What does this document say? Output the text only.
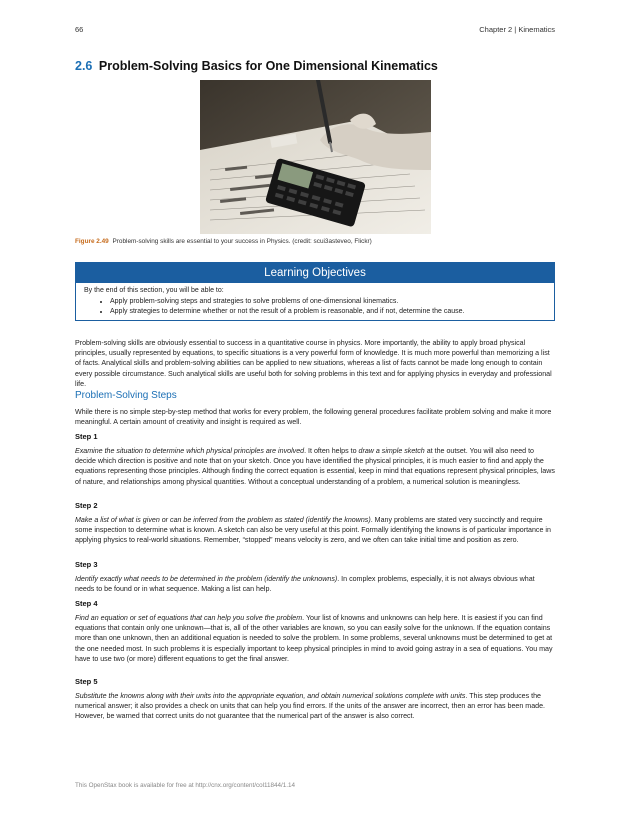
66	Chapter 2 | Kinematics
2.6 Problem-Solving Basics for One Dimensional Kinematics
Figure 2.49 Problem-solving skills are essential to your success in Physics. (credit: scui3asteveo, Flickr)
Learning Objectives
By the end of this section, you will be able to:
• Apply problem-solving steps and strategies to solve problems of one-dimensional kinematics.
• Apply strategies to determine whether or not the result of a problem is reasonable, and if not, determine the cause.

Problem-solving skills are obviously essential to success in a quantitative course in physics. More importantly, the ability to apply broad physical principles, usually represented by equations, to specific situations is a very powerful form of knowledge. It is much more powerful than memorizing a list of facts. Analytical skills and problem-solving abilities can be applied to new situations, whereas a list of facts cannot be made long enough to contain every possible circumstance. Such analytical skills are useful both for solving problems in this text and for applying physics in everyday and professional life.

Problem-Solving Steps

While there is no simple step-by-step method that works for every problem, the following general procedures facilitate problem solving and make it more meaningful. A certain amount of creativity and insight is required as well.

Step 1

Examine the situation to determine which physical principles are involved. It often helps to draw a simple sketch at the outset. You will also need to decide which direction is positive and note that on your sketch. Once you have identified the physical principles, it is much easier to find and apply the equations representing those principles. Although finding the correct equation is essential, keep in mind that equations represent physical principles, laws of nature, and relationships among physical quantities. Without a conceptual understanding of a problem, a numerical solution is meaningless.

Step 2

Make a list of what is given or can be inferred from the problem as stated (identify the knowns). Many problems are stated very succinctly and require some inspection to determine what is known. A sketch can also be very useful at this point. Formally identifying the knowns is of particular importance in applying physics to real-world situations. Remember, “stopped” means velocity is zero, and we often can take initial time and position as zero.

Step 3

Identify exactly what needs to be determined in the problem (identify the unknowns). In complex problems, especially, it is not always obvious what needs to be found or in what sequence. Making a list can help.

Step 4

Find an equation or set of equations that can help you solve the problem. Your list of knowns and unknowns can help here. It is easiest if you can find equations that contain only one unknown—that is, all of the other variables are known, so you can easily solve for the unknown. If the equation contains more than one unknown, then an additional equation is needed to solve the problem. In some problems, several unknowns must be determined to get at the one needed most. In such problems it is especially important to keep physical principles in mind to avoid going astray in a sea of equations. You may have to use two (or more) different equations to get the final answer.

Step 5

Substitute the knowns along with their units into the appropriate equation, and obtain numerical solutions complete with units. This step produces the numerical answer; it also provides a check on units that can help you find errors. If the units of the answer are incorrect, then an error has been made. However, be warned that correct units do not guarantee that the numerical part of the answer is also correct.

This OpenStax book is available for free at http://cnx.org/content/col11844/1.14
